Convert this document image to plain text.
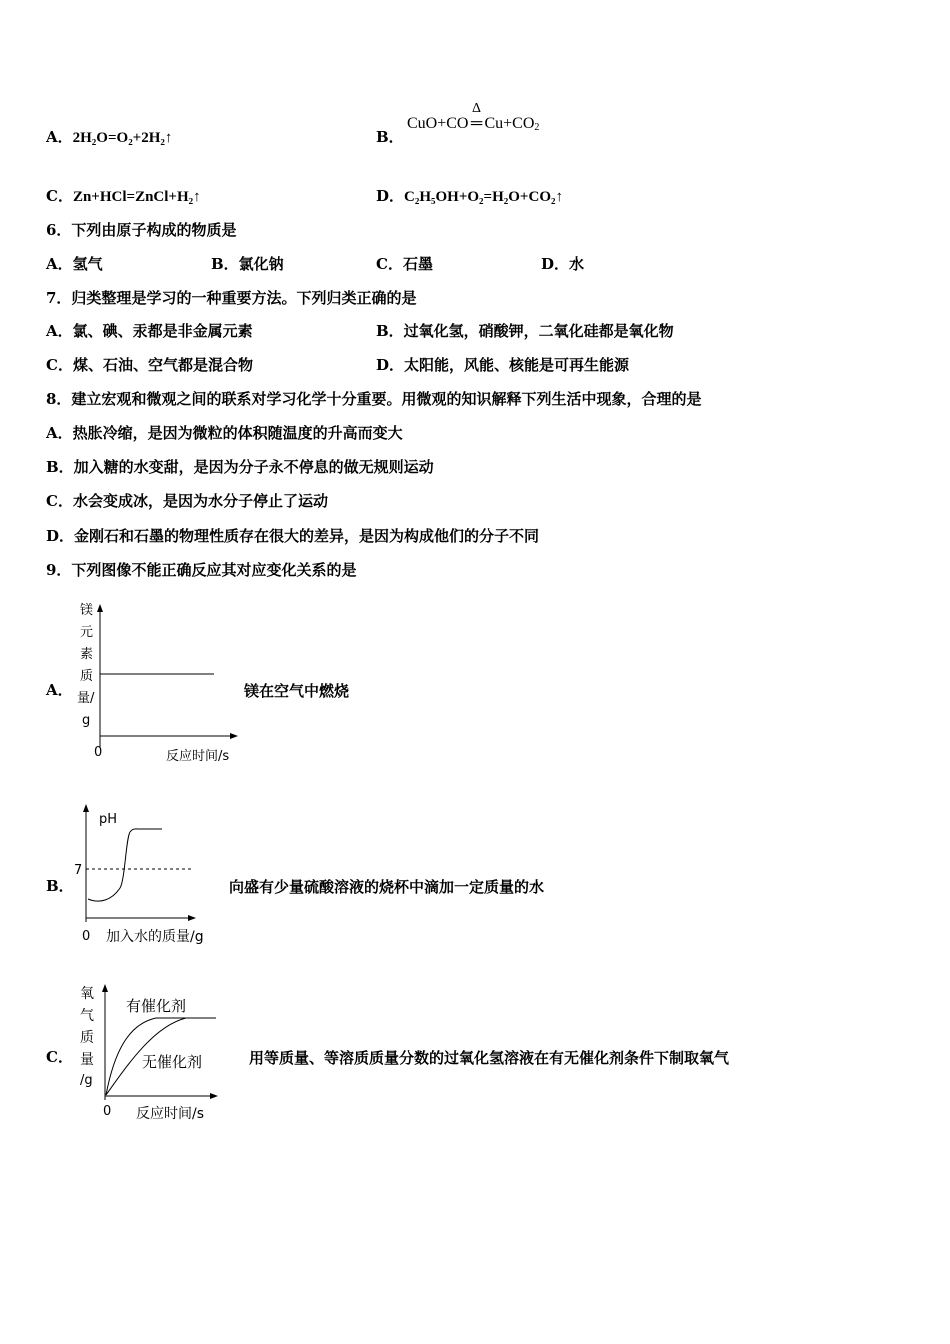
A．2H₂O=O₂+2H₂↑	B．
CuO+CO
Δ
═ $Cu+CO_2$
C．Zn+HCl=ZnCl+H₂↑	D．C₂H₅OH+O₂=H₂O+CO₂↑
6．下列由原子构成的物质是
A．氢气	B．氯化钠	C．石墨	D．水
7．归类整理是学习的一种重要方法。下列归类正确的是
A．氯、碘、汞都是非金属元素	B．过氧化氢，硝酸钾，二氧化硅都是氧化物
C．煤、石油、空气都是混合物	D．太阳能，风能、核能是可再生能源
8．建立宏观和微观之间的联系对学习化学十分重要。用微观的知识解释下列生活中现象，合理的是
A．热胀冷缩，是因为微粒的体积随温度的升高而变大
B．加入糖的水变甜，是因为分子永不停息的做无规则运动
C．水会变成冰，是因为水分子停止了运动
D．金刚石和石墨的物理性质存在很大的差异，是因为构成他们的分子不同
9．下列图像不能正确反应其对应变化关系的是
A．
镁
元
素
质
量/
g
0	反应时间/s
镁在空气中燃烧
B．
pH
7
0 加入水的质量/g
向盛有少量硫酸溶液的烧杯中滴加一定质量的水
C．
氧
气
质
量
/g
有催化剂
无催化剂
0 反应时间/s
用等质量、等溶质质量分数的过氧化氢溶液在有无催化剂条件下制取氧气
